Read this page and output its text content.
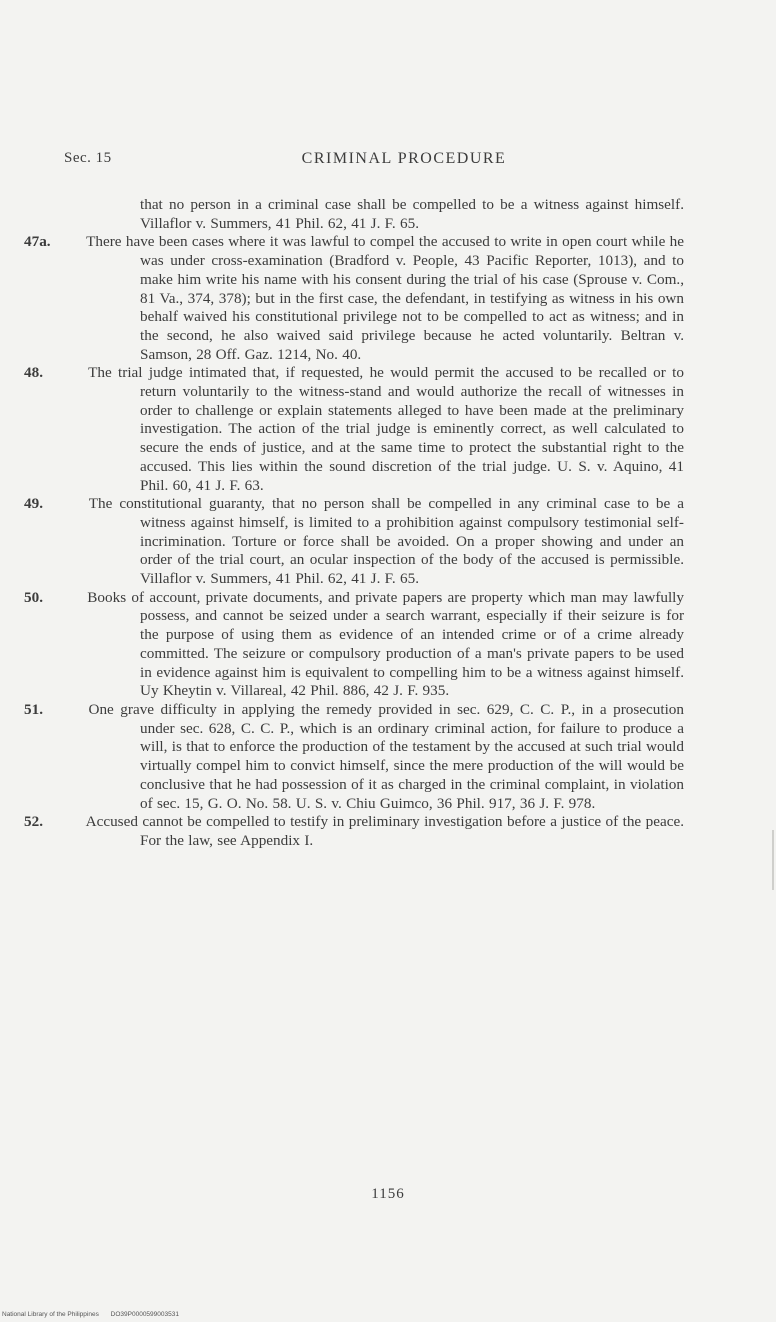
Sec. 15	CRIMINAL PROCEDURE

that no person in a criminal case shall be compelled to be a witness against himself. Villaflor v. Summers, 41 Phil. 62, 41 J. F. 65.

47a. There have been cases where it was lawful to compel the accused to write in open court while he was under cross-examination (Bradford v. People, 43 Pacific Reporter, 1013), and to make him write his name with his consent during the trial of his case (Sprouse v. Com., 81 Va., 374, 378); but in the first case, the defendant, in testifying as witness in his own behalf waived his constitutional privilege not to be compelled to act as witness; and in the second, he also waived said privilege because he acted voluntarily. Beltran v. Samson, 28 Off. Gaz. 1214, No. 40.

48.	The trial judge intimated that, if requested, he would permit the accused to be recalled or to return voluntarily to the witness-stand and would authorize the recall of witnesses in order to challenge or explain statements alleged to have been made at the preliminary investigation. The action of the trial judge is eminently correct, as well calculated to secure the ends of justice, and at the same time to protect the substantial right to the accused. This lies within the sound discretion of the trial judge. U. S. v. Aquino, 41 Phil. 60, 41 J. F. 63.

49.	The constitutional guaranty, that no person shall be compelled in any criminal case to be a witness against himself, is limited to a prohibition against compulsory testimonial self-incrimination. Torture or force shall be avoided. On a proper showing and under an order of the trial court, an ocular inspection of the body of the accused is permissible. Villaflor v. Summers, 41 Phil. 62, 41 J. F. 65.

50.	Books of account, private documents, and private papers are property which man may lawfully possess, and cannot be seized under a search warrant, especially if their seizure is for the purpose of using them as evidence of an intended crime or of a crime already committed. The seizure or compulsory production of a man's private papers to be used in evidence against him is equivalent to compelling him to be a witness against himself. Uy Kheytin v. Villareal, 42 Phil. 886, 42 J. F. 935.

51.	One grave difficulty in applying the remedy provided in sec. 629, C. C. P., in a prosecution under sec. 628, C. C. P., which is an ordinary criminal action, for failure to produce a will, is that to enforce the production of the testament by the accused at such trial would virtually compel him to convict himself, since the mere production of the will would be conclusive that he had possession of it as charged in the criminal complaint, in violation of sec. 15, G. O. No. 58. U. S. v. Chiu Guimco, 36 Phil. 917, 36 J. F. 978.

52.	Accused cannot be compelled to testify in preliminary investigation before a justice of the peace. For the law, see Appendix I.

1156
National Library of the Philippines DO39P0000599003531
